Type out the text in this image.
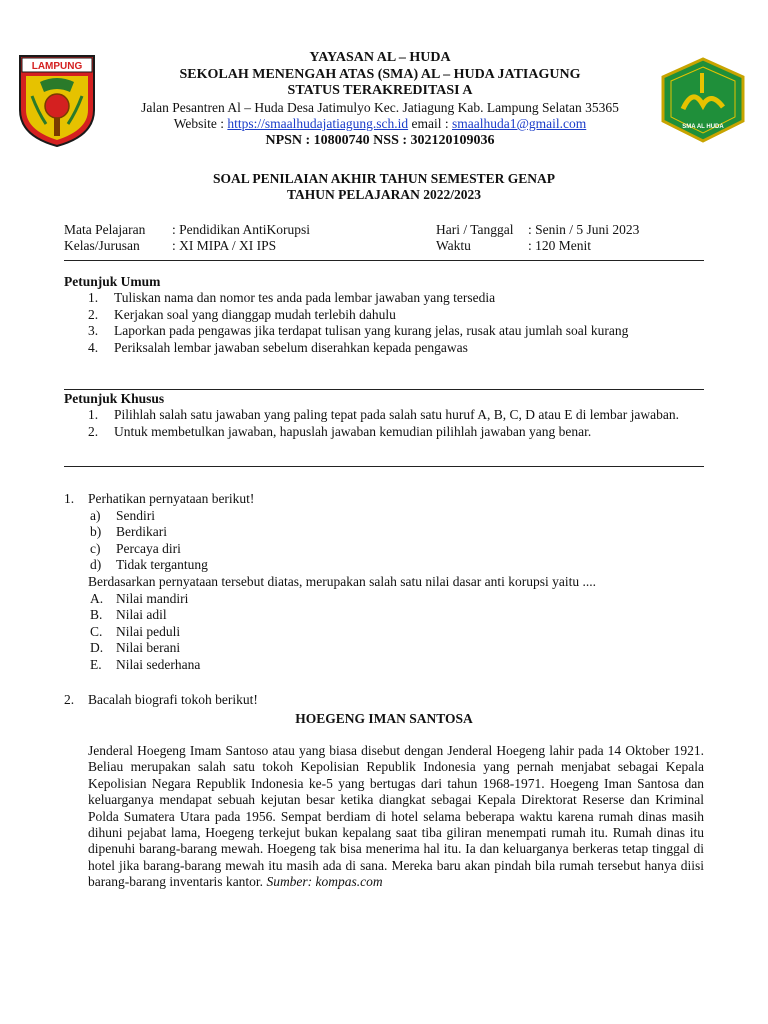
LAMPUNG
SMA AL HUDA
YAYASAN AL – HUDA
SEKOLAH MENENGAH ATAS (SMA) AL – HUDA JATIAGUNG
STATUS TERAKREDITASI A
Jalan Pesantren Al – Huda Desa Jatimulyo Kec. Jatiagung Kab. Lampung Selatan 35365
Website : https://smaalhudajatiagung.sch.id email : smaalhuda1@gmail.com
NPSN : 10800740 NSS : 302120109036
SOAL PENILAIAN AKHIR TAHUN SEMESTER GENAP
TAHUN PELAJARAN 2022/2023
Mata Pelajaran : Pendidikan AntiKorupsi
Kelas/Jurusan : XI MIPA / XI IPS
Hari / Tanggal : Senin / 5 Juni 2023
Waktu	: 120 Menit
Petunjuk Umum
1. Tuliskan nama dan nomor tes anda pada lembar jawaban yang tersedia
2. Kerjakan soal yang dianggap mudah terlebih dahulu
3. Laporkan pada pengawas jika terdapat tulisan yang kurang jelas, rusak atau jumlah soal kurang
4. Periksalah lembar jawaban sebelum diserahkan kepada pengawas
Petunjuk Khusus
1. Pilihlah salah satu jawaban yang paling tepat pada salah satu huruf A, B, C, D atau E di lembar jawaban.
2. Untuk membetulkan jawaban, hapuslah jawaban kemudian pilihlah jawaban yang benar.
1. Perhatikan pernyataan berikut!
a) Sendiri
b) Berdikari
c) Percaya diri
d) Tidak tergantung
Berdasarkan pernyataan tersebut diatas, merupakan salah satu nilai dasar anti korupsi yaitu ....
A. Nilai mandiri
B. Nilai adil
C. Nilai peduli
D. Nilai berani
E. Nilai sederhana
2. Bacalah biografi tokoh berikut!
HOEGENG IMAN SANTOSA
Jenderal Hoegeng Imam Santoso atau yang biasa disebut dengan Jenderal Hoegeng lahir pada 14 Oktober 1921. Beliau merupakan salah satu tokoh Kepolisian Republik Indonesia yang pernah menjabat sebagai Kepala Kepolisian Negara Republik Indonesia ke-5 yang bertugas dari tahun 1968-1971. Hoegeng Iman Santosa dan keluarganya mendapat sebuah kejutan besar ketika diangkat sebagai Kepala Direktorat Reserse dan Kriminal Polda Sumatera Utara pada 1956. Sempat berdiam di hotel selama beberapa waktu karena rumah dinas masih dihuni pejabat lama, Hoegeng terkejut bukan kepalang saat tiba giliran menempati rumah itu. Rumah dinas itu dipenuhi barang-barang mewah. Hoegeng tak bisa menerima hal itu. Ia dan keluarganya berkeras tetap tinggal di hotel jika barang-barang mewah itu masih ada di sana. Mereka baru akan pindah bila rumah tersebut hanya diisi barang-barang inventaris kantor. Sumber: kompas.com
